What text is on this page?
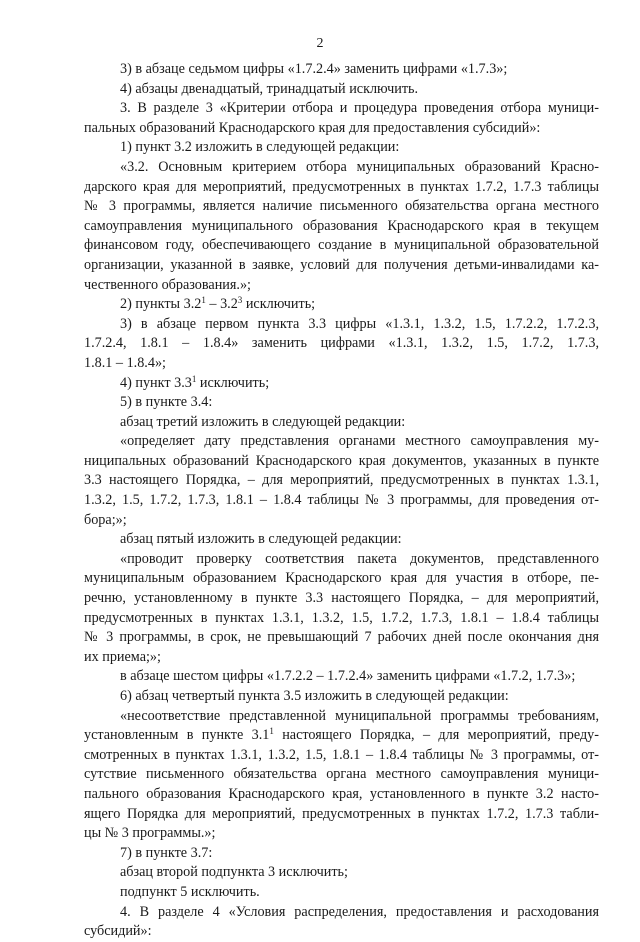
2
3) в абзаце седьмом цифры «1.7.2.4» заменить цифрами «1.7.3»;
4) абзацы двенадцатый, тринадцатый исключить.
3. В разделе 3 «Критерии отбора и процедура проведения отбора муници-
пальных образований Краснодарского края для предоставления субсидий»:
1) пункт 3.2 изложить в следующей редакции:
«3.2. Основным критерием отбора муниципальных образований Красно-
дарского края для мероприятий, предусмотренных в пунктах 1.7.2, 1.7.3 таблицы
№ 3 программы, является наличие письменного обязательства органа местного
самоуправления муниципального образования Краснодарского края в текущем
финансовом году, обеспечивающего создание в муниципальной образовательной
организации, указанной в заявке, условий для получения детьми-инвалидами ка-
чественного образования.»;
2) пункты $3.2^1 - 3.2^3$ исключить;
3) в абзаце первом пункта 3.3 цифры «1.3.1, 1.3.2, 1.5, 1.7.2.2, 1.7.2.3,
1.7.2.4, 1.8.1 – 1.8.4» заменить цифрами «1.3.1, 1.3.2, 1.5, 1.7.2, 1.7.3,
1.8.1 – 1.8.4»;
4) пункт $3.3^1$ исключить;
5) в пункте 3.4:
абзац третий изложить в следующей редакции:
«определяет дату представления органами местного самоуправления му-
ниципальных образований Краснодарского края документов, указанных в пункте
3.3 настоящего Порядка, – для мероприятий, предусмотренных в пунктах 1.3.1,
1.3.2, 1.5, 1.7.2, 1.7.3, 1.8.1 – 1.8.4 таблицы № 3 программы, для проведения от-
бора;»;
абзац пятый изложить в следующей редакции:
«проводит проверку соответствия пакета документов, представленного
муниципальным образованием Краснодарского края для участия в отборе, пе-
речню, установленному в пункте 3.3 настоящего Порядка, – для мероприятий,
предусмотренных в пунктах 1.3.1, 1.3.2, 1.5, 1.7.2, 1.7.3, 1.8.1 – 1.8.4 таблицы
№ 3 программы, в срок, не превышающий 7 рабочих дней после окончания дня
их приема;»;
в абзаце шестом цифры «1.7.2.2 – 1.7.2.4» заменить цифрами «1.7.2, 1.7.3»;
6) абзац четвертый пункта 3.5 изложить в следующей редакции:
«несоответствие представленной муниципальной программы требованиям,
установленным в пункте $3.1^1$ настоящего Порядка, – для мероприятий, преду-
смотренных в пунктах 1.3.1, 1.3.2, 1.5, 1.8.1 – 1.8.4 таблицы № 3 программы, от-
сутствие письменного обязательства органа местного самоуправления муници-
пального образования Краснодарского края, установленного в пункте 3.2 насто-
ящего Порядка для мероприятий, предусмотренных в пунктах 1.7.2, 1.7.3 табли-
цы № 3 программы.»;
7) в пункте 3.7:
абзац второй подпункта 3 исключить;
подпункт 5 исключить.
4. В разделе 4 «Условия распределения, предоставления и расходования
субсидий»:
